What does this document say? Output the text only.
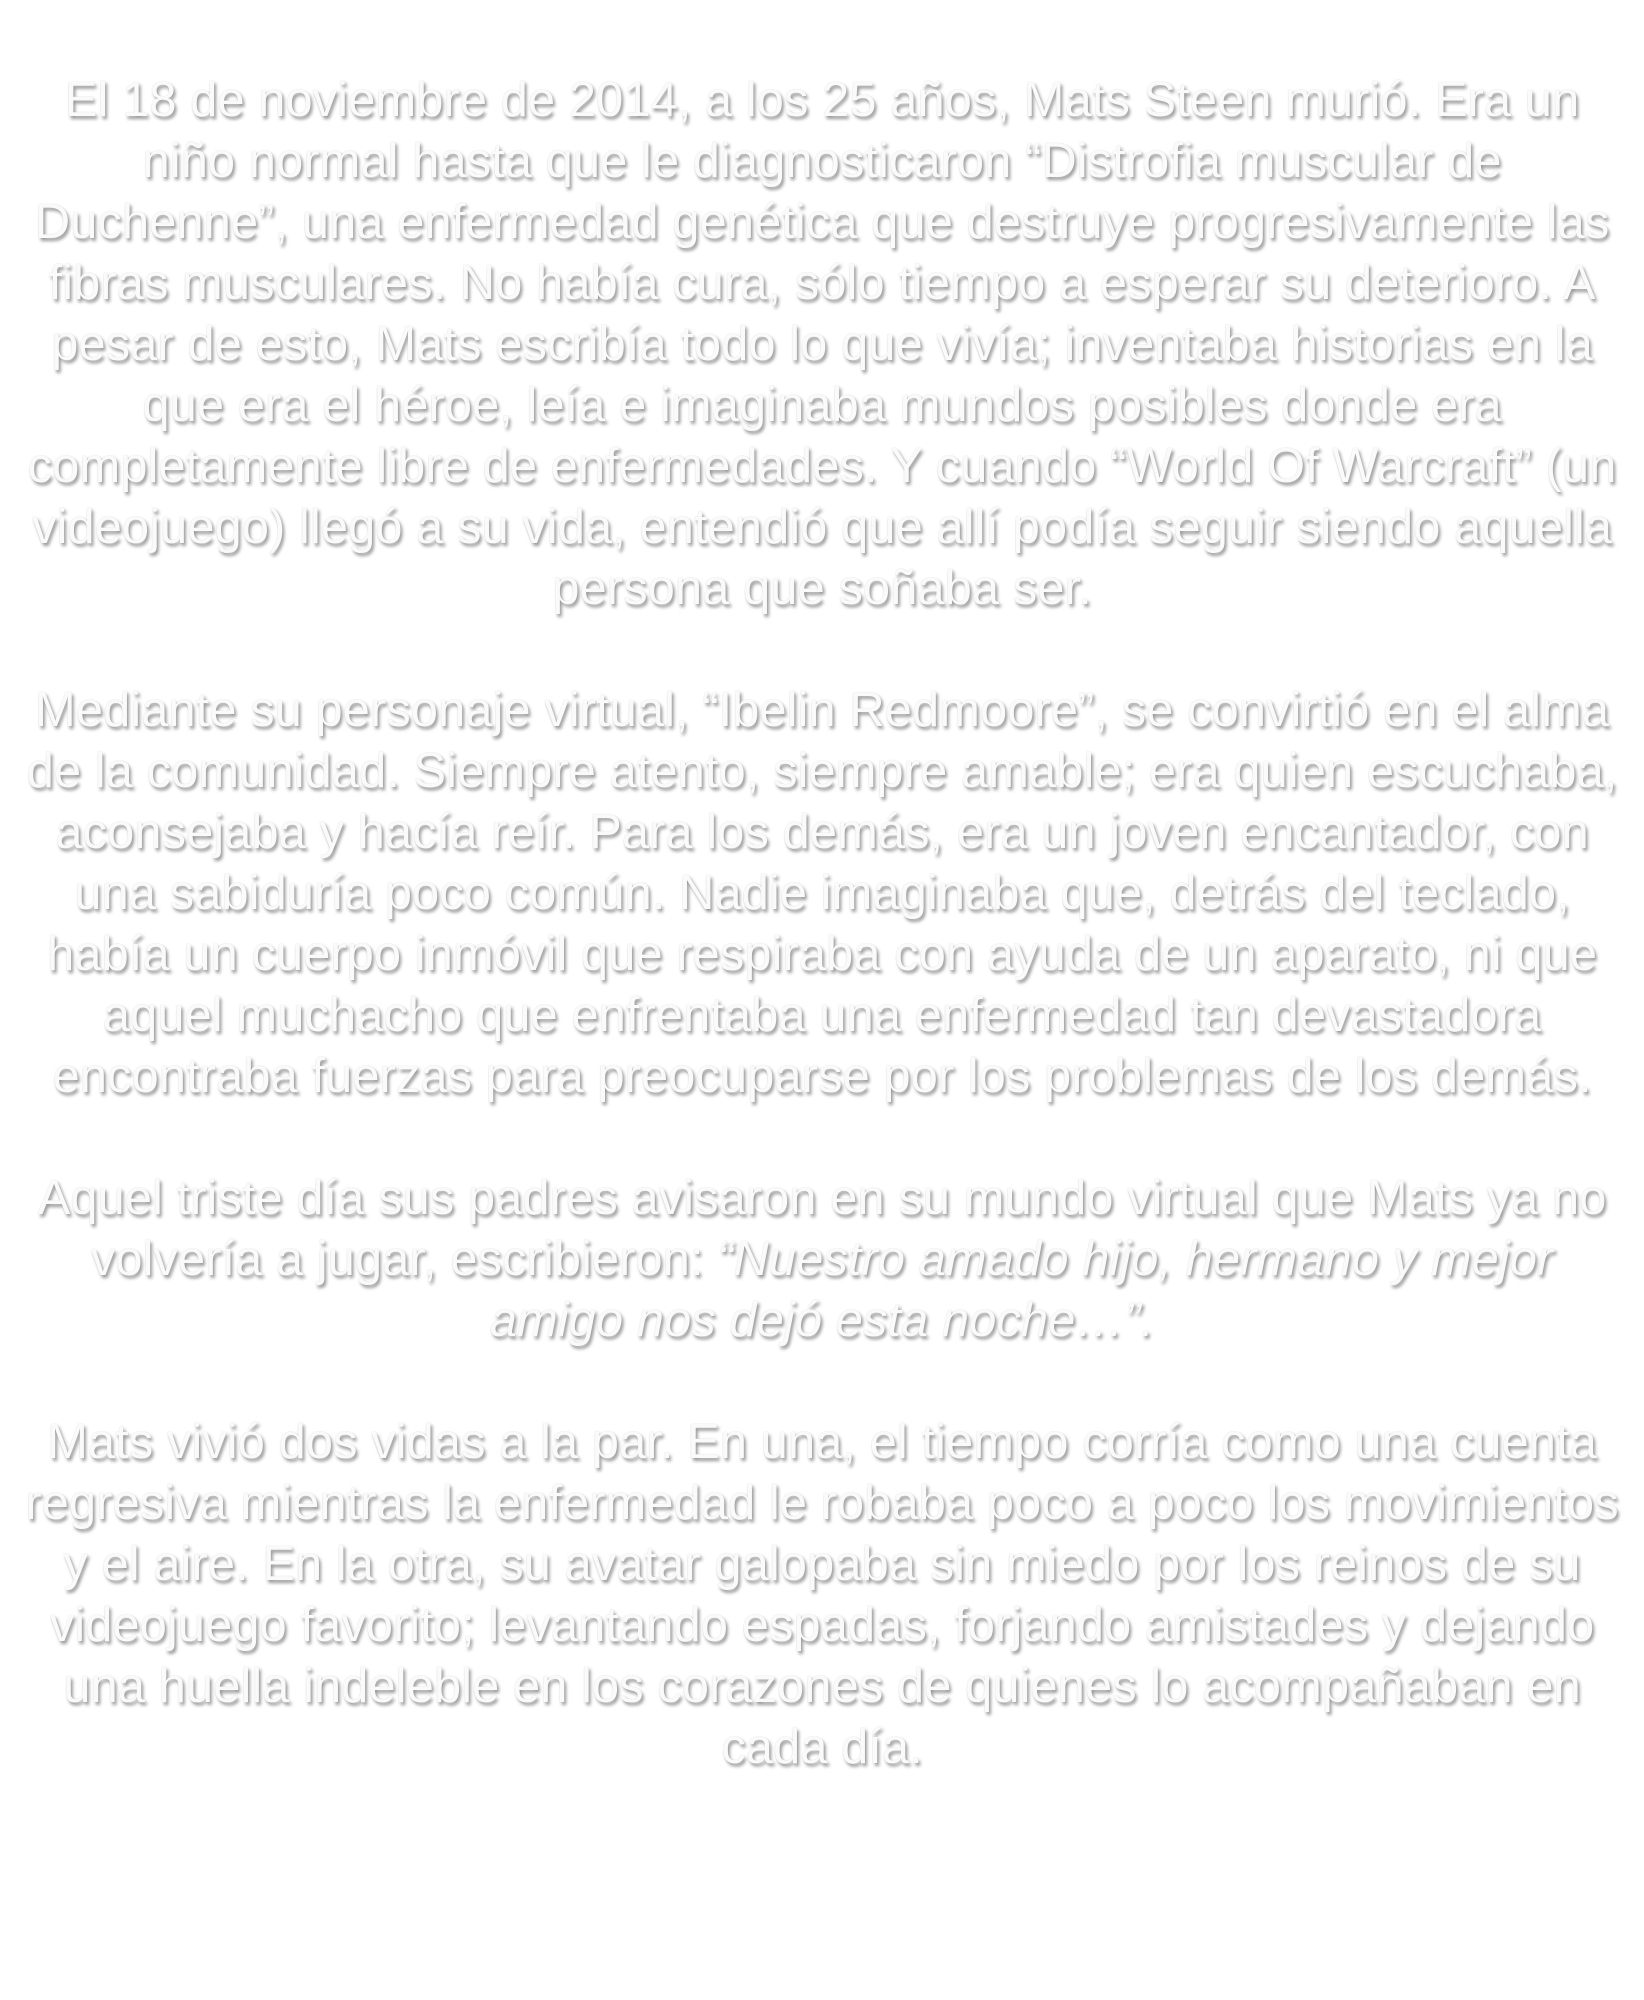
El 18 de noviembre de 2014, a los 25 años, Mats Steen murió. Era un niño normal hasta que le diagnosticaron “Distrofia muscular de Duchenne”, una enfermedad genética que destruye progresivamente las fibras musculares. No había cura, sólo tiempo a esperar su deterioro. A pesar de esto, Mats escribía todo lo que vivía; inventaba historias en la que era el héroe, leía e imaginaba mundos posibles donde era completamente libre de enfermedades. Y cuando “World Of Warcraft” (un videojuego) llegó a su vida, entendió que allí podía seguir siendo aquella persona que soñaba ser.

Mediante su personaje virtual, “Ibelin Redmoore”, se convirtió en el alma de la comunidad. Siempre atento, siempre amable; era quien escuchaba, aconsejaba y hacía reír. Para los demás, era un joven encantador, con una sabiduría poco común. Nadie imaginaba que, detrás del teclado, había un cuerpo inmóvil que respiraba con ayuda de un aparato, ni que aquel muchacho que enfrentaba una enfermedad tan devastadora encontraba fuerzas para preocuparse por los problemas de los demás.

Aquel triste día sus padres avisaron en su mundo virtual que Mats ya no volvería a jugar, escribieron: “Nuestro amado hijo, hermano y mejor amigo nos dejó esta noche…”.

Mats vivió dos vidas a la par. En una, el tiempo corría como una cuenta regresiva mientras la enfermedad le robaba poco a poco los movimientos y el aire. En la otra, su avatar galopaba sin miedo por los reinos de su videojuego favorito; levantando espadas, forjando amistades y dejando una huella indeleble en los corazones de quienes lo acompañaban en cada día.
